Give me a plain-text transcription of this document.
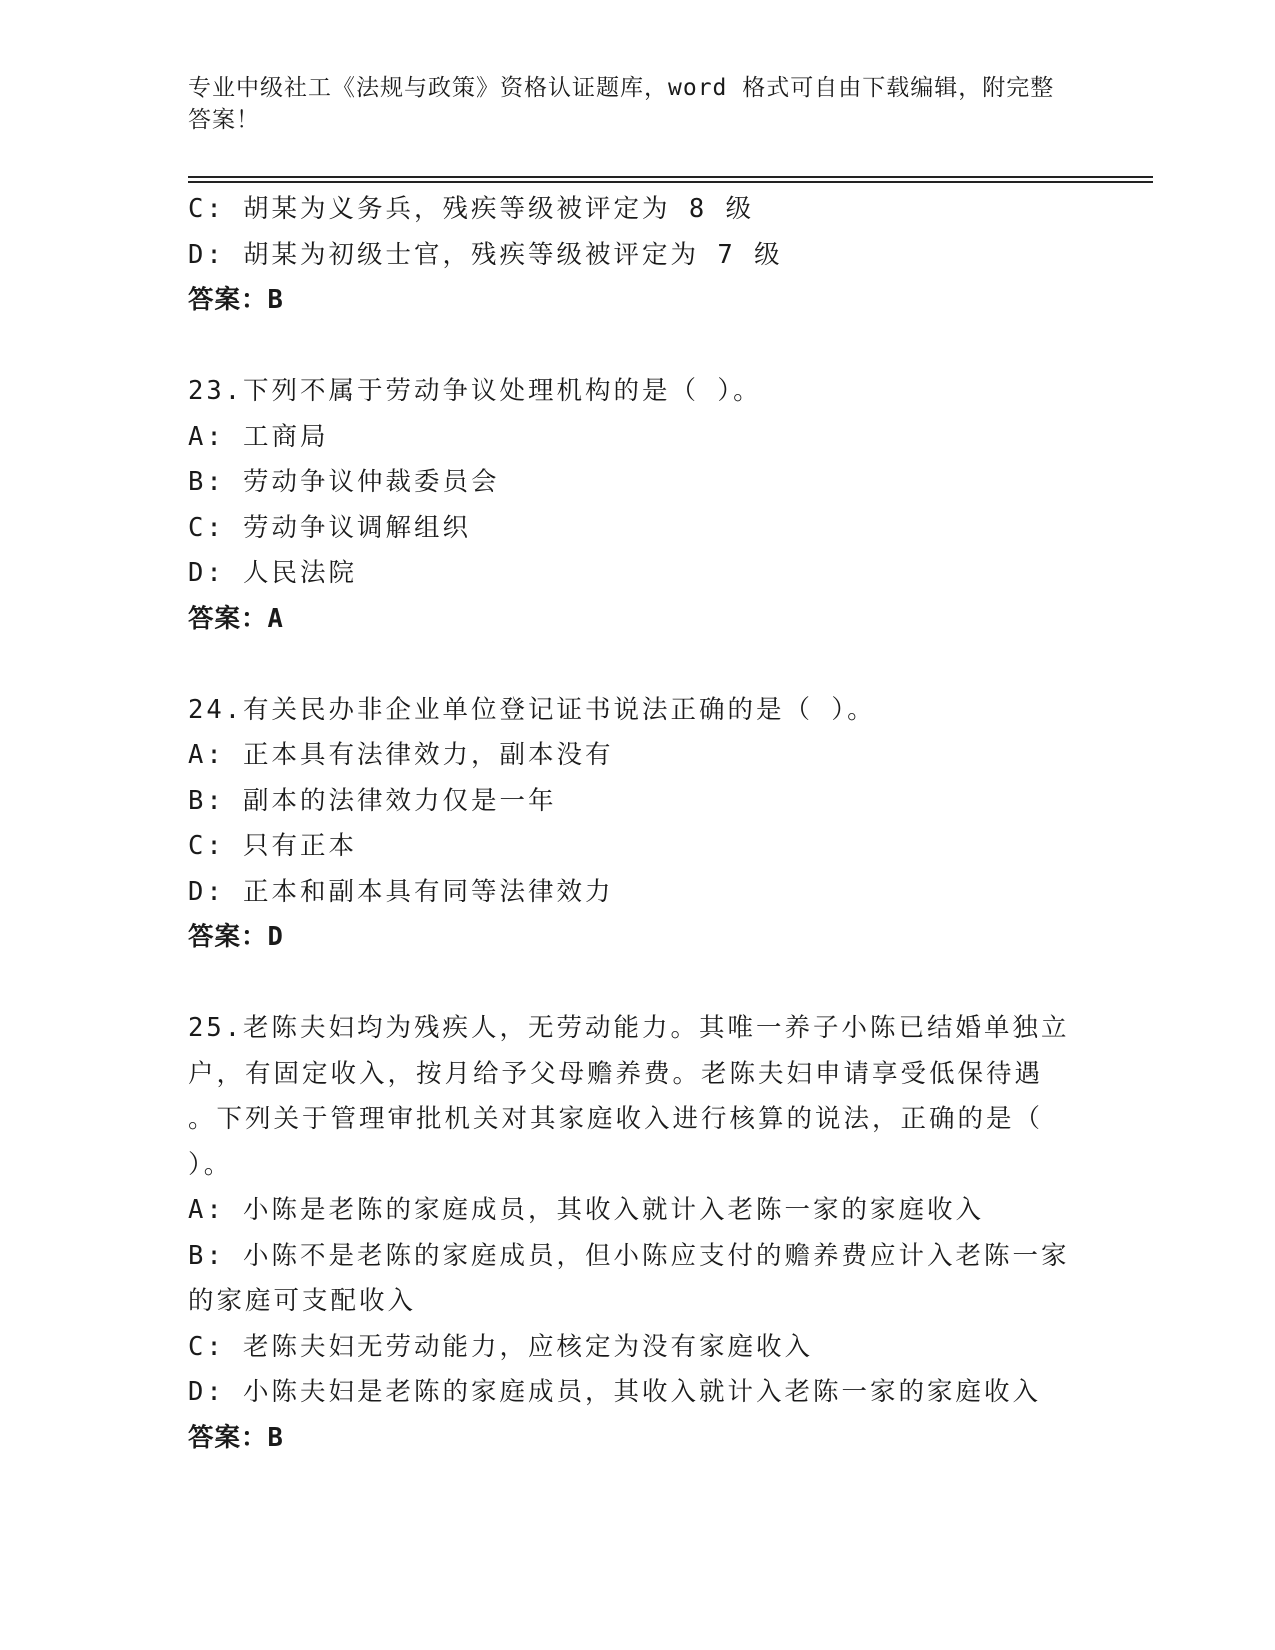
专业中级社工《法规与政策》资格认证题库，word 格式可自由下载编辑，附完整答案！

C: 胡某为义务兵，残疾等级被评定为 8 级

D: 胡某为初级士官，残疾等级被评定为 7 级

答案：B

23.下列不属于劳动争议处理机构的是（ ）。

A: 工商局

B: 劳动争议仲裁委员会

C: 劳动争议调解组织

D: 人民法院

答案：A

24.有关民办非企业单位登记证书说法正确的是（ ）。

A: 正本具有法律效力，副本没有

B: 副本的法律效力仅是一年

C: 只有正本

D: 正本和副本具有同等法律效力

答案：D

25.老陈夫妇均为残疾人，无劳动能力。其唯一养子小陈已结婚单独立

户，有固定收入，按月给予父母赡养费。老陈夫妇申请享受低保待遇

。下列关于管理审批机关对其家庭收入进行核算的说法，正确的是（

）。

A: 小陈是老陈的家庭成员，其收入就计入老陈一家的家庭收入

B: 小陈不是老陈的家庭成员，但小陈应支付的赡养费应计入老陈一家

的家庭可支配收入

C: 老陈夫妇无劳动能力，应核定为没有家庭收入

D: 小陈夫妇是老陈的家庭成员，其收入就计入老陈一家的家庭收入

答案：B
